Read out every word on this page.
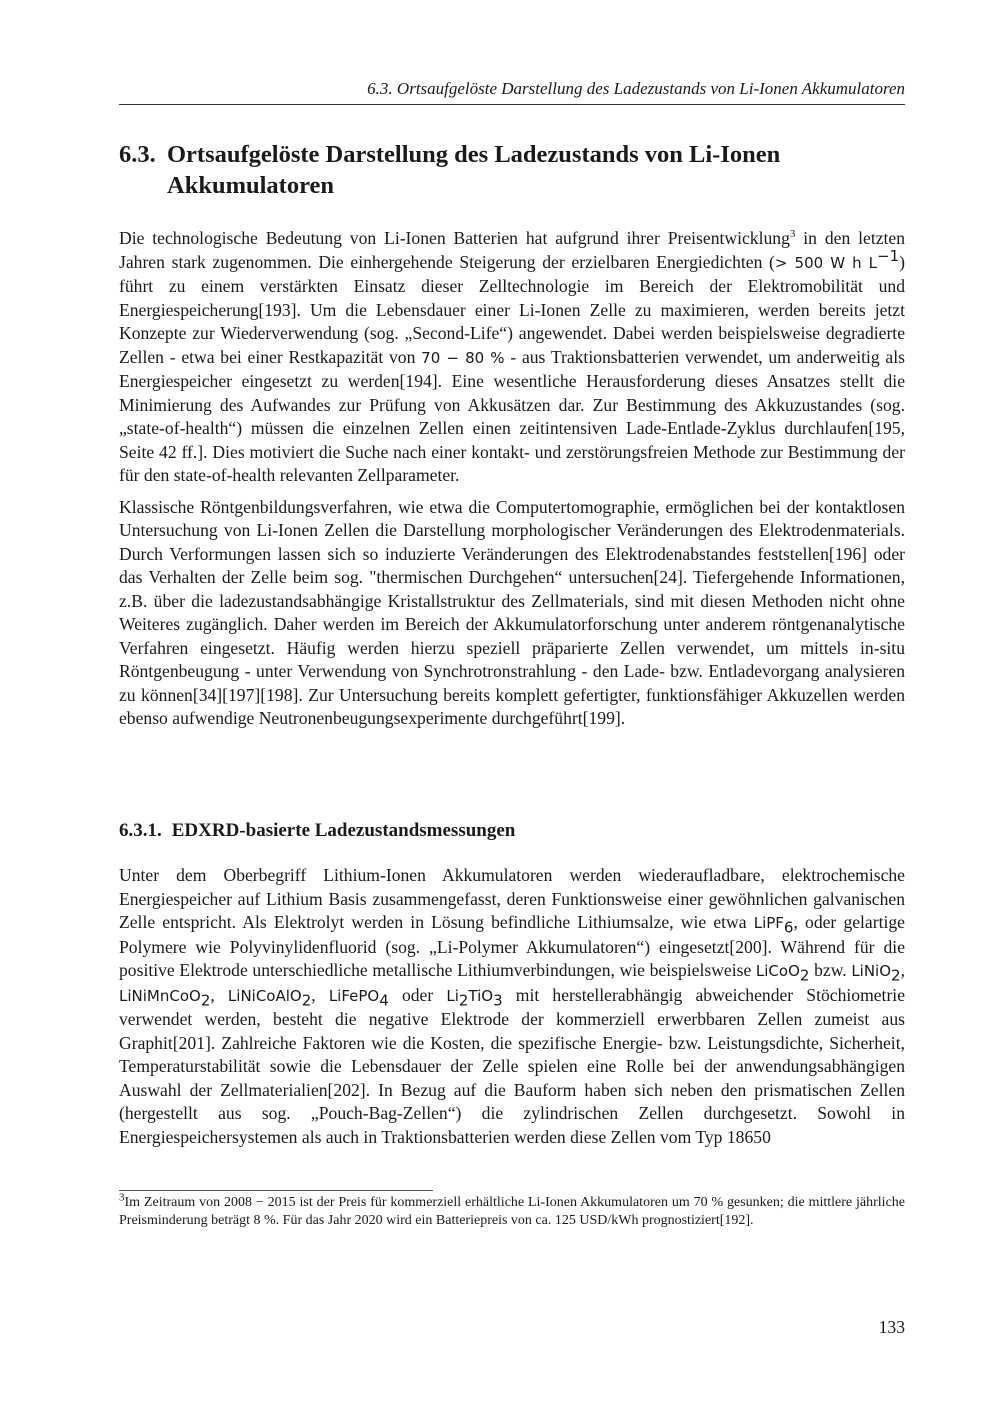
6.3. Ortsaufgelöste Darstellung des Ladezustands von Li-Ionen Akkumulatoren
6.3. Ortsaufgelöste Darstellung des Ladezustands von Li-Ionen Akkumulatoren

Die technologische Bedeutung von Li-Ionen Batterien hat aufgrund ihrer Preisentwicklung$^3$ in den letzten Jahren stark zugenommen. Die einhergehende Steigerung der erzielbaren Energiedichten (> 500 W h $L^{-1}$) führt zu einem verstärkten Einsatz dieser Zelltechnologie im Bereich der Elektromobilität und Energiespeicherung[193]. Um die Lebensdauer einer Li-Ionen Zelle zu maximieren, werden bereits jetzt Konzepte zur Wiederverwendung (sog. „Second-Life“) angewendet. Dabei werden beispielsweise degradierte Zellen - etwa bei einer Restkapazität von 70 − 80 % - aus Traktionsbatterien verwendet, um anderweitig als Energiespeicher eingesetzt zu werden[194]. Eine wesentliche Herausforderung dieses Ansatzes stellt die Minimierung des Aufwandes zur Prüfung von Akkusätzen dar. Zur Bestimmung des Akkuzustandes (sog. „state-of-health“) müssen die einzelnen Zellen einen zeitintensiven Lade-Entlade-Zyklus durchlaufen[195, Seite 42 ff.]. Dies motiviert die Suche nach einer kontakt- und zerstörungsfreien Methode zur Bestimmung der für den state-of-health relevanten Zellparameter.

Klassische Röntgenbildungsverfahren, wie etwa die Computertomographie, ermöglichen bei der kontaktlosen Untersuchung von Li-Ionen Zellen die Darstellung morphologischer Veränderungen des Elektrodenmaterials. Durch Verformungen lassen sich so induzierte Veränderungen des Elektrodenabstandes feststellen[196] oder das Verhalten der Zelle beim sog. "thermischen Durchgehen“ untersuchen[24]. Tiefergehende Informationen, z.B. über die ladezustandsabhängige Kristallstruktur des Zellmaterials, sind mit diesen Methoden nicht ohne Weiteres zugänglich. Daher werden im Bereich der Akkumulatorforschung unter anderem röntgenanalytische Verfahren eingesetzt. Häufig werden hierzu speziell präparierte Zellen verwendet, um mittels in-situ Röntgenbeugung - unter Verwendung von Synchrotronstrahlung - den Lade- bzw. Entladevorgang analysieren zu können[34][197][198]. Zur Untersuchung bereits komplett gefertigter, funktionsfähiger Akkuzellen werden ebenso aufwendige Neutronenbeugungsexperimente durchgeführt[199].

6.3.1. EDXRD-basierte Ladezustandsmessungen

Unter dem Oberbegriff Lithium-Ionen Akkumulatoren werden wiederaufladbare, elektrochemische Energiespeicher auf Lithium Basis zusammengefasst, deren Funktionsweise einer gewöhnlichen galvanischen Zelle entspricht. Als Elektrolyt werden in Lösung befindliche Lithiumsalze, wie etwa LiPF$_6$, oder gelartige Polymere wie Polyvinylidenfluorid (sog. „Li-Polymer Akkumulatoren“) eingesetzt[200]. Während für die positive Elektrode unterschiedliche metallische Lithiumverbindungen, wie beispielsweise LiCoO$_2$ bzw. LiNiO$_2$, LiNiMnCoO$_2$, LiNiCoAlO$_2$, LiFePO$_4$ oder $Li_2TiO_3$ mit herstellerabhängig abweichender Stöchiometrie verwendet werden, besteht die negative Elektrode der kommerziell erwerbbaren Zellen zumeist aus Graphit[201]. Zahlreiche Faktoren wie die Kosten, die spezifische Energie- bzw. Leistungsdichte, Sicherheit, Temperaturstabilität sowie die Lebensdauer der Zelle spielen eine Rolle bei der anwendungsabhängigen Auswahl der Zellmaterialien[202]. In Bezug auf die Bauform haben sich neben den prismatischen Zellen (hergestellt aus sog. „Pouch-Bag-Zellen“) die zylindrischen Zellen durchgesetzt. Sowohl in Energiespeichersystemen als auch in Traktionsbatterien werden diese Zellen vom Typ 18650

$^3$Im Zeitraum von 2008 − 2015 ist der Preis für kommerziell erhältliche Li-Ionen Akkumulatoren um 70 % gesunken; die mittlere jährliche Preisminderung beträgt 8 %. Für das Jahr 2020 wird ein Batteriepreis von ca. 125 USD/kWh prognostiziert[192].
133
